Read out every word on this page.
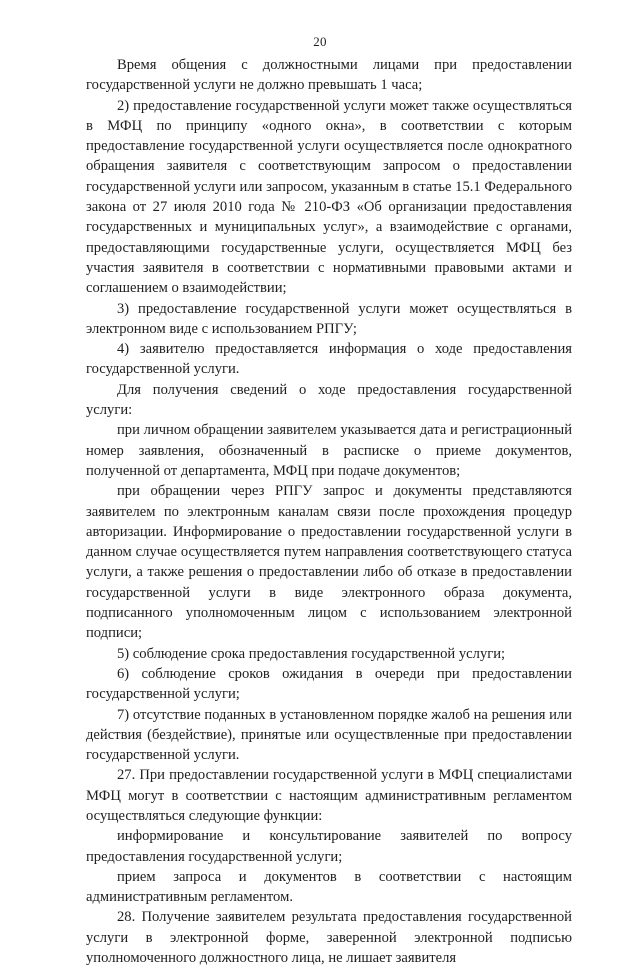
20

Время общения с должностными лицами при предоставлении государственной услуги не должно превышать 1 часа;

2) предоставление государственной услуги может также осуществляться в МФЦ по принципу «одного окна», в соответствии с которым предоставление государственной услуги осуществляется после однократного обращения заявителя с соответствующим запросом о предоставлении государственной услуги или запросом, указанным в статье 15.1 Федерального закона от 27 июля 2010 года № 210-ФЗ «Об организации предоставления государственных и муниципальных услуг», а взаимодействие с органами, предоставляющими государственные услуги, осуществляется МФЦ без участия заявителя в соответствии с нормативными правовыми актами и соглашением о взаимодействии;

3) предоставление государственной услуги может осуществляться в электронном виде с использованием РПГУ;

4) заявителю предоставляется информация о ходе предоставления государственной услуги.

Для получения сведений о ходе предоставления государственной услуги:

при личном обращении заявителем указывается дата и регистрационный номер заявления, обозначенный в расписке о приеме документов, полученной от департамента, МФЦ при подаче документов;

при обращении через РПГУ запрос и документы представляются заявителем по электронным каналам связи после прохождения процедур авторизации. Информирование о предоставлении государственной услуги в данном случае осуществляется путем направления соответствующего статуса услуги, а также решения о предоставлении либо об отказе в предоставлении государственной услуги в виде электронного образа документа, подписанного уполномоченным лицом с использованием электронной подписи;

5) соблюдение срока предоставления государственной услуги;

6) соблюдение сроков ожидания в очереди при предоставлении государственной услуги;

7) отсутствие поданных в установленном порядке жалоб на решения или действия (бездействие), принятые или осуществленные при предоставлении государственной услуги.

27. При предоставлении государственной услуги в МФЦ специалистами МФЦ могут в соответствии с настоящим административным регламентом осуществляться следующие функции:

информирование и консультирование заявителей по вопросу предоставления государственной услуги;

прием запроса и документов в соответствии с настоящим административным регламентом.

28. Получение заявителем результата предоставления государственной услуги в электронной форме, заверенной электронной подписью уполномоченного должностного лица, не лишает заявителя
